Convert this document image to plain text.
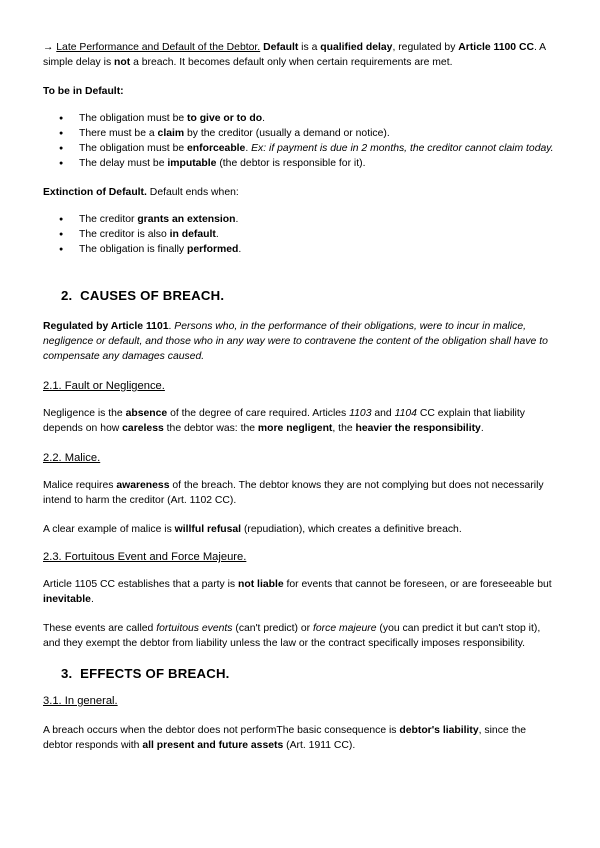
→ Late Performance and Default of the Debtor. Default is a qualified delay, regulated by Article 1100 CC. A simple delay is not a breach. It becomes default only when certain requirements are met.

To be in Default:

● The obligation must be to give or to do.
● There must be a claim by the creditor (usually a demand or notice).
● The obligation must be enforceable. Ex: if payment is due in 2 months, the creditor cannot claim today.
● The delay must be imputable (the debtor is responsible for it).

Extinction of Default. Default ends when:

● The creditor grants an extension.
● The creditor is also in default.
● The obligation is finally performed.

2. CAUSES OF BREACH.

Regulated by Article 1101. Persons who, in the performance of their obligations, were to incur in malice, negligence or default, and those who in any way were to contravene the content of the obligation shall have to compensate any damages caused.

2.1. Fault or Negligence.

Negligence is the absence of the degree of care required. Articles 1103 and 1104 CC explain that liability depends on how careless the debtor was: the more negligent, the heavier the responsibility.

2.2. Malice.

Malice requires awareness of the breach. The debtor knows they are not complying but does not necessarily intend to harm the creditor (Art. 1102 CC).

A clear example of malice is willful refusal (repudiation), which creates a definitive breach.

2.3. Fortuitous Event and Force Majeure.

Article 1105 CC establishes that a party is not liable for events that cannot be foreseen, or are foreseeable but inevitable.

These events are called fortuitous events (can't predict) or force majeure (you can predict it but can't stop it), and they exempt the debtor from liability unless the law or the contract specifically imposes responsibility.

3. EFFECTS OF BREACH.

3.1. In general.

A breach occurs when the debtor does not performThe basic consequence is debtor's liability, since the debtor responds with all present and future assets (Art. 1911 CC).
